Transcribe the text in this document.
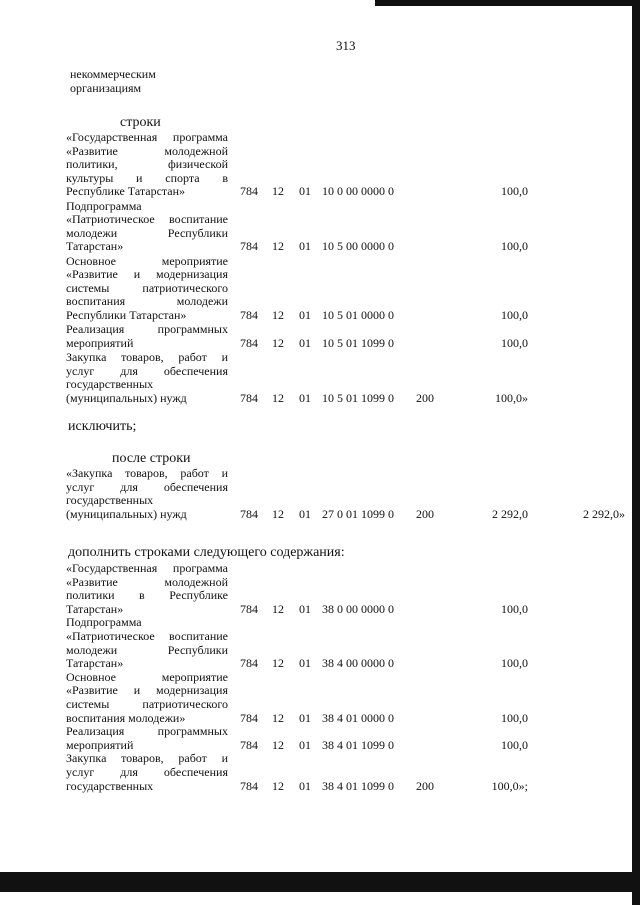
313
некоммерческим
организациям
строки
«Государственная программа
«Развитие молодежной
политики, физической
культуры и спорта в
Республике Татарстан»	784	12	01 10 0 00 0000 0	100,0
Подпрограмма
«Патриотическое воспитание
молодежи Республики
Татарстан»	784	12	01 10 5 00 0000 0	100,0
Основное мероприятие
«Развитие и модернизация
системы патриотического
воспитания молодежи
Республики Татарстан»	784	12	01 10 5 01 0000 0	100,0
Реализация программных
мероприятий	784	12	01 10 5 01 1099 0	100,0
Закупка товаров, работ и
услуг для обеспечения
государственных
(муниципальных) нужд	784	12	01 10 5 01 1099 0	200	100,0»
«Закупка товаров, работ и
услуг для обеспечения
государственных
(муниципальных) нужд	784	12	01 27 0 01 1099 0	200	2 292,0	2 292,0»
«Государственная программа
«Развитие молодежной
политики в Республике
Татарстан»	784	12	01 38 0 00 0000 0	100,0
Подпрограмма
«Патриотическое воспитание
молодежи Республики
Татарстан»	784	12	01 38 4 00 0000 0	100,0
Основное мероприятие
«Развитие и модернизация
системы патриотического
воспитания молодежи»	784	12	01 38 4 01 0000 0	100,0
Реализация программных
мероприятий	784	12	01 38 4 01 1099 0	100,0
Закупка товаров, работ и
услуг для обеспечения
государственных	784	12	01 38 4 01 1099 0	200	100,0»;
исключить;
после строки
дополнить строками следующего содержания:
